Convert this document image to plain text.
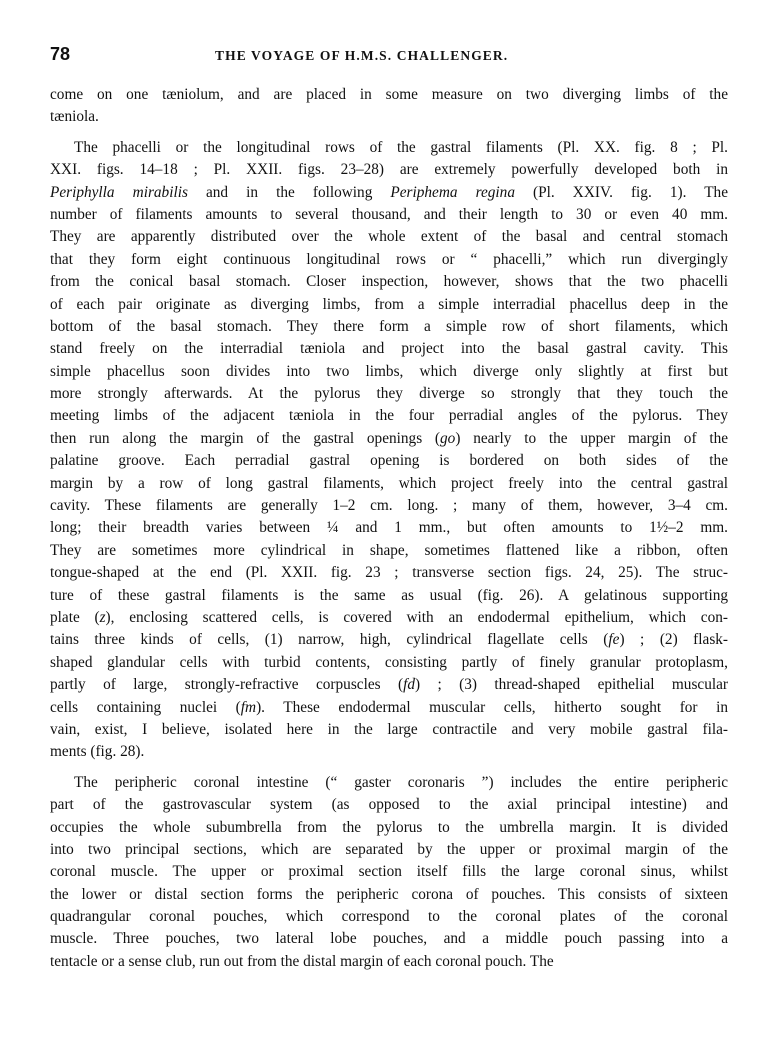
78	THE VOYAGE OF H.M.S. CHALLENGER.
come on one tæniolum, and are placed in some measure on two diverging limbs of the
tæniola.
The phacelli or the longitudinal rows of the gastral filaments (Pl. XX. fig. 8 ; Pl.
XXI. figs. 14–18 ; Pl. XXII. figs. 23–28) are extremely powerfully developed both in
Periphylla mirabilis and in the following Periphema regina (Pl. XXIV. fig. 1). The
number of filaments amounts to several thousand, and their length to 30 or even 40 mm.
They are apparently distributed over the whole extent of the basal and central stomach
that they form eight continuous longitudinal rows or “ phacelli,” which run divergingly
from the conical basal stomach. Closer inspection, however, shows that the two phacelli
of each pair originate as diverging limbs, from a simple interradial phacellus deep in the
bottom of the basal stomach. They there form a simple row of short filaments, which
stand freely on the interradial tæniola and project into the basal gastral cavity. This
simple phacellus soon divides into two limbs, which diverge only slightly at first but
more strongly afterwards. At the pylorus they diverge so strongly that they touch the
meeting limbs of the adjacent tæniola in the four perradial angles of the pylorus. They
then run along the margin of the gastral openings (go) nearly to the upper margin of the
palatine groove. Each perradial gastral opening is bordered on both sides of the
margin by a row of long gastral filaments, which project freely into the central gastral
cavity. These filaments are generally 1–2 cm. long. ; many of them, however, 3–4 cm.
long; their breadth varies between ¼ and 1 mm., but often amounts to 1½–2 mm.
They are sometimes more cylindrical in shape, sometimes flattened like a ribbon, often
tongue-shaped at the end (Pl. XXII. fig. 23 ; transverse section figs. 24, 25). The struc-
ture of these gastral filaments is the same as usual (fig. 26). A gelatinous supporting
plate (z), enclosing scattered cells, is covered with an endodermal epithelium, which con-
tains three kinds of cells, (1) narrow, high, cylindrical flagellate cells (fe) ; (2) flask-
shaped glandular cells with turbid contents, consisting partly of finely granular protoplasm,
partly of large, strongly-refractive corpuscles (fd) ; (3) thread-shaped epithelial muscular
cells containing nuclei (fm). These endodermal muscular cells, hitherto sought for in
vain, exist, I believe, isolated here in the large contractile and very mobile gastral fila-
ments (fig. 28).
The peripheric coronal intestine (“ gaster coronaris ”) includes the entire peripheric
part of the gastrovascular system (as opposed to the axial principal intestine) and
occupies the whole subumbrella from the pylorus to the umbrella margin. It is divided
into two principal sections, which are separated by the upper or proximal margin of the
coronal muscle. The upper or proximal section itself fills the large coronal sinus, whilst
the lower or distal section forms the peripheric corona of pouches. This consists of sixteen
quadrangular coronal pouches, which correspond to the coronal plates of the coronal
muscle. Three pouches, two lateral lobe pouches, and a middle pouch passing into a
tentacle or a sense club, run out from the distal margin of each coronal pouch. The
